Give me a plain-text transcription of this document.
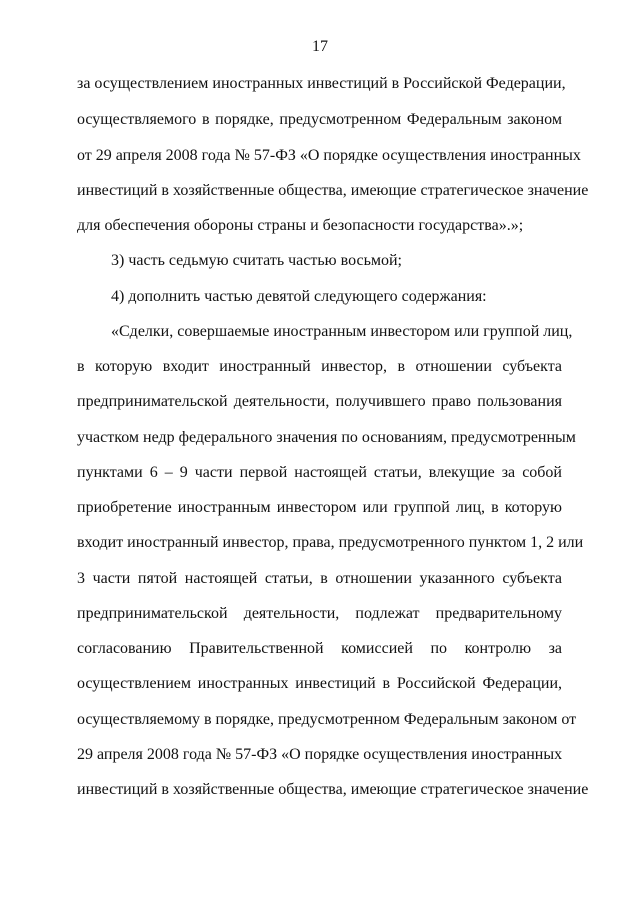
17
за осуществлением иностранных инвестиций в Российской Федерации,
осуществляемого в порядке, предусмотренном Федеральным законом
от 29 апреля 2008 года № 57-ФЗ «О порядке осуществления иностранных
инвестиций в хозяйственные общества, имеющие стратегическое значение
для обеспечения обороны страны и безопасности государства».»;
3) часть седьмую считать частью восьмой;
4) дополнить частью девятой следующего содержания:
«Сделки, совершаемые иностранным инвестором или группой лиц,
в которую входит иностранный инвестор, в отношении субъекта
предпринимательской деятельности, получившего право пользования
участком недр федерального значения по основаниям, предусмотренным
пунктами 6 – 9 части первой настоящей статьи, влекущие за собой
приобретение иностранным инвестором или группой лиц, в которую
входит иностранный инвестор, права, предусмотренного пунктом 1, 2 или
3 части пятой настоящей статьи, в отношении указанного субъекта
предпринимательской деятельности, подлежат предварительному
согласованию Правительственной комиссией по контролю за
осуществлением иностранных инвестиций в Российской Федерации,
осуществляемому в порядке, предусмотренном Федеральным законом от
29 апреля 2008 года № 57-ФЗ «О порядке осуществления иностранных
инвестиций в хозяйственные общества, имеющие стратегическое значение
